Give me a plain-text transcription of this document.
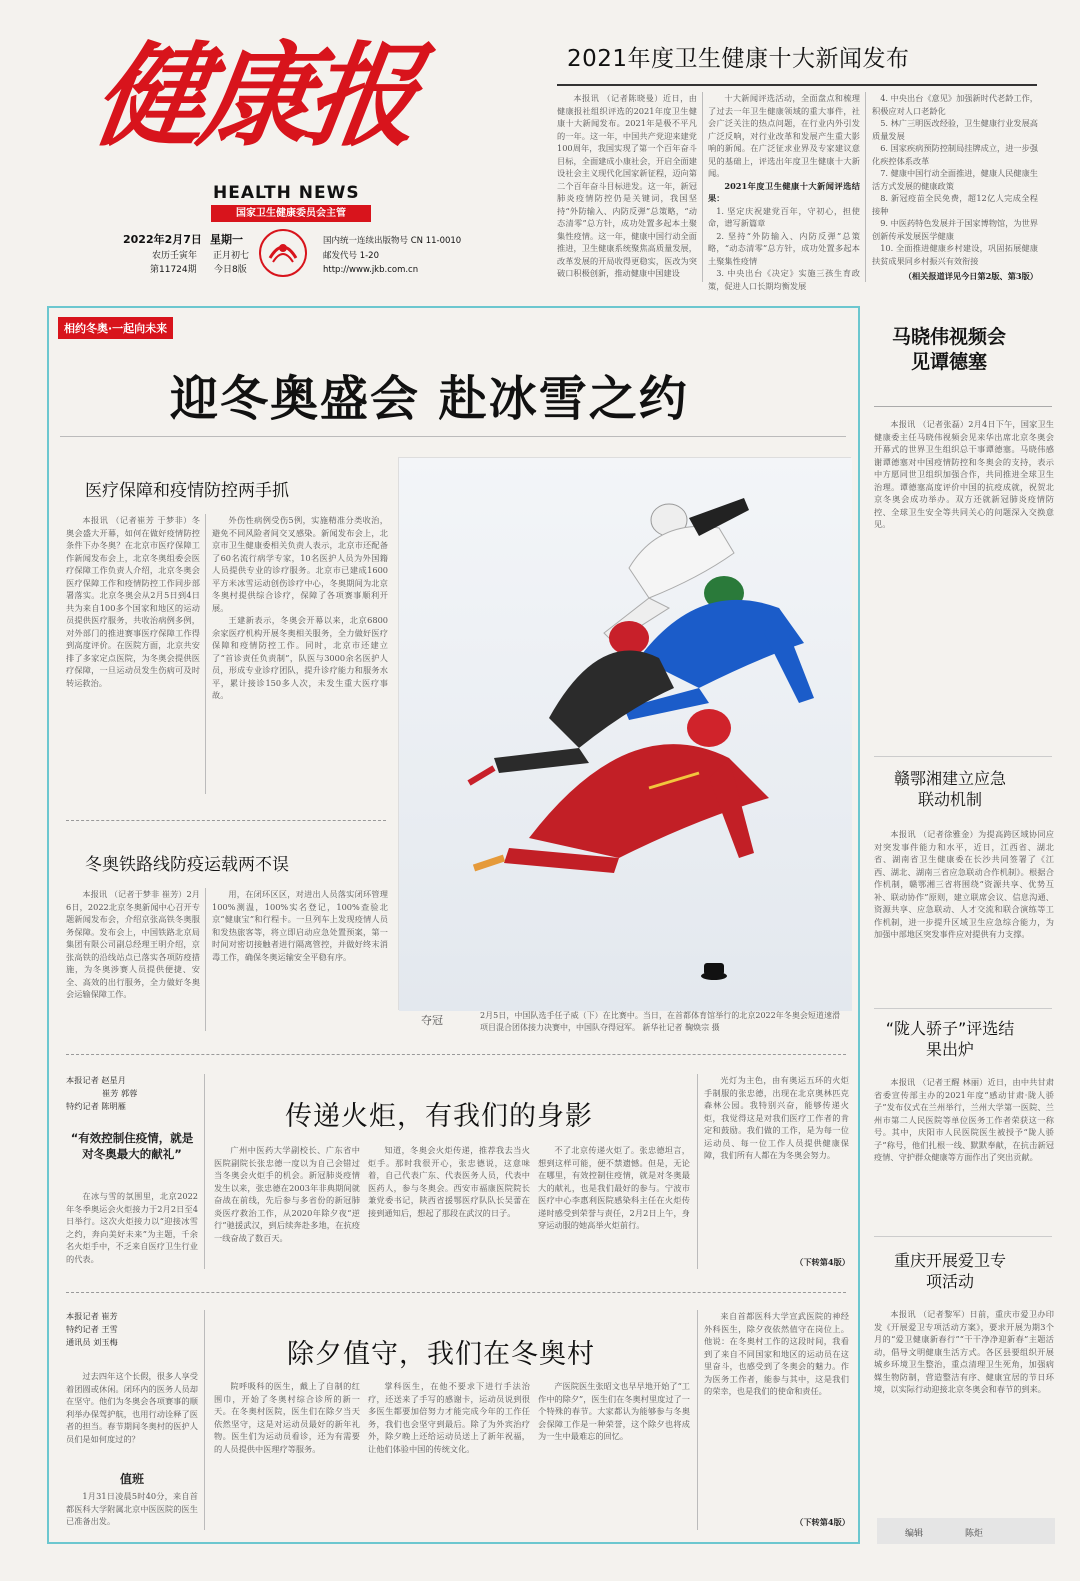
健康报
HEALTH NEWS
国家卫生健康委员会主管
2022年2月7日 星期一
农历壬寅年 正月初七
第11724期 今日8版
国内统一连续出版物号 CN 11-0010
邮发代号 1-20
http://www.jkb.com.cn
2021年度卫生健康十大新闻发布

本报讯 （记者陈晓曼）近日，由健康报社组织评选的2021年度卫生健康十大新闻发布。2021年是极不平凡的一年。这一年，中国共产党迎来建党100周年，我国实现了第一个百年奋斗目标，全面建成小康社会，开启全面建设社会主义现代化国家新征程，迈向第二个百年奋斗目标进发。这一年，新冠肺炎疫情防控仍是关键词，我国坚持“外防输入、内防反弹”总策略，“动态清零”总方针，成功处置多起本土聚集性疫情。这一年，健康中国行动全面推进，卫生健康系统聚焦高质量发展，改革发展的开局收得更稳实，医改为突破口积极创新，推动健康中国建设

十大新闻评选活动，全面盘点和梳理了过去一年卫生健康领域的重大事件，社会广泛关注的热点问题，在行业内外引发广泛反响，对行业改革和发展产生重大影响的新闻。在广泛征求业界及专家建议意见的基础上，评选出年度卫生健康十大新闻。

2021年度卫生健康十大新闻评选结果：

1. 坚定庆祝建党百年，守初心，担使命，谱写新篇章
2. 坚持“外防输入、内防反弹”总策略，“动态清零”总方针，成功处置多起本土聚集性疫情
3. 中央出台《决定》实施三孩生育政策，促进人口长期均衡发展
4. 中央出台《意见》加强新时代老龄工作，积极应对人口老龄化
5. 林广三明医改经验，卫生健康行业发展高质量发展
6. 国家疾病预防控制局挂牌成立，进一步强化疾控体系改革
7. 健康中国行动全面推进，健康人民健康生活方式发展的健康政策
8. 新冠疫苗全民免费，超12亿人完成全程接种
9. 中医药特色发展并于国家博物馆，为世界创新传承发展医学健康
10. 全面推进健康乡村建设，巩固拓展健康扶贫成果同乡村振兴有效衔接
（相关报道详见今日第2版、第3版）
相约冬奥·一起向未来
迎冬奥盛会 赴冰雪之约
医疗保障和疫情防控两手抓

本报讯 （记者崔芳 于梦非）冬奥会盛大开幕，如何在做好疫情防控条件下办冬奥？在北京市医疗保障工作新闻发布会上，北京冬奥组委会医疗保障工作负责人介绍，北京冬奥会医疗保障工作和疫情防控工作同步部署落实。北京冬奥会从2月5日到4日共为来自100多个国家和地区的运动员提供医疗服务，共收治病例多例，对外部门的推进赛事医疗保障工作得到高度评价。在医院方面，北京共安排了多家定点医院，为冬奥会提供医疗保障，一旦运动员发生伤病可及时转运救治。

外伤性病例受伤5例，实施精准分类收治，避免不同风险者间交叉感染。新闻发布会上，北京市卫生健康委相关负责人表示，北京市还配备了60名流行病学专家，10名医护人员为外国籍人员提供专业的诊疗服务。北京市已建成1600平方米冰雪运动创伤诊疗中心，冬奥期间为北京冬奥村提供综合诊疗，保障了各项赛事顺利开展。

王建新表示，冬奥会开幕以来，北京6800余家医疗机构开展冬奥相关服务，全力做好医疗保障和疫情防控工作。同时，北京市还建立了“首诊责任负责制”，队医与3000余名医护人员，形成专业诊疗团队，提升诊疗能力和服务水平，累计接诊150多人次，未发生重大医疗事故。

冬奥铁路线防疫运载两不误

本报讯 （记者于梦非 崔芳）2月6日，2022北京冬奥新闻中心召开专题新闻发布会，介绍京张高铁冬奥服务保障。发布会上，中国铁路北京局集团有限公司副总经理王明介绍，京张高铁的沿线站点已落实各项防疫措施，为冬奥涉赛人员提供便捷、安全、高效的出行服务，全力做好冬奥会运输保障工作。

用，在闭环区区，对进出人员落实闭环管理100%测温，100%实名登记，100%查验北京“健康宝”和行程卡。一旦列车上发现疫情人员和发热旅客等，将立即启动应急处置预案，第一时间对密切接触者进行隔离管控，并做好终末消毒工作，确保冬奥运输安全平稳有序。

夺冠	2月5日，中国队选手任子威（下）在比赛中。当日，在首都体育馆举行的北京2022年冬奥会短道速滑项目混合团体接力决赛中，中国队夺得冠军。 新华社记者 鞠焕宗 摄
本报记者 赵星月
崔芳 郭蓉
特约记者 陈明雁
“有效控制住疫情，就是对冬奥最大的献礼”

在冰与雪的氛围里，北京2022年冬季奥运会火炬接力于2月2日至4日举行。这次火炬接力以“迎接冰雪之约，奔向美好未来”为主题，千余名火炬手中，不乏来自医疗卫生行业的代表。

传递火炬，有我们的身影

广州中医药大学副校长、广东省中医院副院长张忠德一度以为自己会错过当冬奥会火炬手的机会。新冠肺炎疫情发生以来，张忠德在2003年非典期间就奋战在前线，先后参与多省份的新冠肺炎医疗救治工作，从2020年除夕夜“逆行”驰援武汉，到后续奔赴多地，在抗疫一线奋战了数百天。

知道，冬奥会火炬传递，推荐我去当火炬手。那时我很开心，张忠德说，这意味着，自己代表广东、代表医务人员，代表中医药人，参与冬奥会。西安市福康医院院长兼党委书记，陕西省援鄂医疗队队长吴蕾在接到通知后，想起了那段在武汉的日子。

不了北京传递火炬了。张忠德坦言，想到这样可能，便不禁遗憾。但是，无论在哪里，有效控制住疫情，就是对冬奥最大的献礼，也是我们最好的参与。宁波市医疗中心李惠利医院感染科主任在火炬传递时感受到荣誉与责任，2月2日上午，身穿运动服的她高举火炬前行。

光灯为主色，由有奥运五环的火炬手制服的张忠德，出现在北京奥林匹克森林公园。我特别兴奋，能够传递火炬，我觉得这是对我们医疗工作者的肯定和鼓励。我们做的工作，是为每一位运动员、每一位工作人员提供健康保障，我们所有人都在为冬奥会努力。

（下转第4版）
本报记者 崔芳
特约记者 王雪
通讯员 刘玉梅

过去四年这个长假，很多人享受着团圆或休闲。闭环内的医务人员却在坚守。他们为冬奥会各项赛事的顺利举办保驾护航，也用行动诠释了医者的担当。春节期间冬奥村的医护人员们是如何度过的？

值班

1月31日凌晨5时40分，来自首都医科大学附属北京中医医院的医生已准备出发。

除夕值守，我们在冬奥村

院呼吸科的医生，戴上了自制的红围巾，开始了冬奥村综合诊所的新一天。在冬奥村医院，医生们在除夕当天依然坚守，这是对运动员最好的新年礼物。医生们为运动员看诊，还为有需要的人员提供中医理疗等服务。

掌科医生，在他不要求下进行手法治疗，还送来了手写的感谢卡，运动员说到很多医生都要加倍努力才能完成今年的工作任务，我们也会坚守到最后。除了为外宾治疗外，除夕晚上还给运动员送上了新年祝福，让他们体验中国的传统文化。

产医院医生张昭文也早早地开始了“工作中的除夕”，医生们在冬奥村里度过了一个特殊的春节。大家都认为能够参与冬奥会保障工作是一种荣誉，这个除夕也将成为一生中最难忘的回忆。

来自首都医科大学宣武医院的神经外科医生，除夕夜依然值守在岗位上。他说：在冬奥村工作的这段时间，我看到了来自不同国家和地区的运动员在这里奋斗，也感受到了冬奥会的魅力。作为医务工作者，能参与其中，这是我们的荣幸，也是我们的使命和责任。

（下转第4版）
马晓伟视频会见谭德塞

本报讯 （记者张磊）2月4日下午，国家卫生健康委主任马晓伟视频会见来华出席北京冬奥会开幕式的世界卫生组织总干事谭德塞。马晓伟感谢谭德塞对中国疫情防控和冬奥会的支持，表示中方愿同世卫组织加强合作，共同推进全球卫生治理。谭德塞高度评价中国的抗疫成就，祝贺北京冬奥会成功举办。双方还就新冠肺炎疫情防控、全球卫生安全等共同关心的问题深入交换意见。

赣鄂湘建立应急联动机制

本报讯 （记者徐雅金）为提高跨区域协同应对突发事件能力和水平，近日，江西省、湖北省、湖南省卫生健康委在长沙共同签署了《江西、湖北、湖南三省应急联动合作机制》。根据合作机制，赣鄂湘三省将围绕“资源共享、优势互补、联动协作”原则，建立联席会议、信息沟通、资源共享、应急联动、人才交流和联合演练等工作机制，进一步提升区域卫生应急综合能力，为加强中部地区突发事件应对提供有力支撑。

“陇人骄子”评选结果出炉

本报讯 （记者王醒 林丽）近日，由中共甘肃省委宣传部主办的2021年度“感动甘肃·陇人骄子”发布仪式在兰州举行，兰州大学第一医院、兰州市第二人民医院等单位医务工作者荣获这一称号。其中，庆阳市人民医院医生被授予“陇人骄子”称号，他们扎根一线、默默奉献，在抗击新冠疫情、守护群众健康等方面作出了突出贡献。

重庆开展爱卫专项活动

本报讯 （记者黎军）日前，重庆市爱卫办印发《开展爱卫专项活动方案》，要求开展为期3个月的“爱卫健康新春行”“干干净净迎新春”主题活动，倡导文明健康生活方式。各区县要组织开展城乡环境卫生整治，重点清理卫生死角，加强病媒生物防制，营造整洁有序、健康宜居的节日环境，以实际行动迎接北京冬奥会和春节的到来。

编辑	陈炬
